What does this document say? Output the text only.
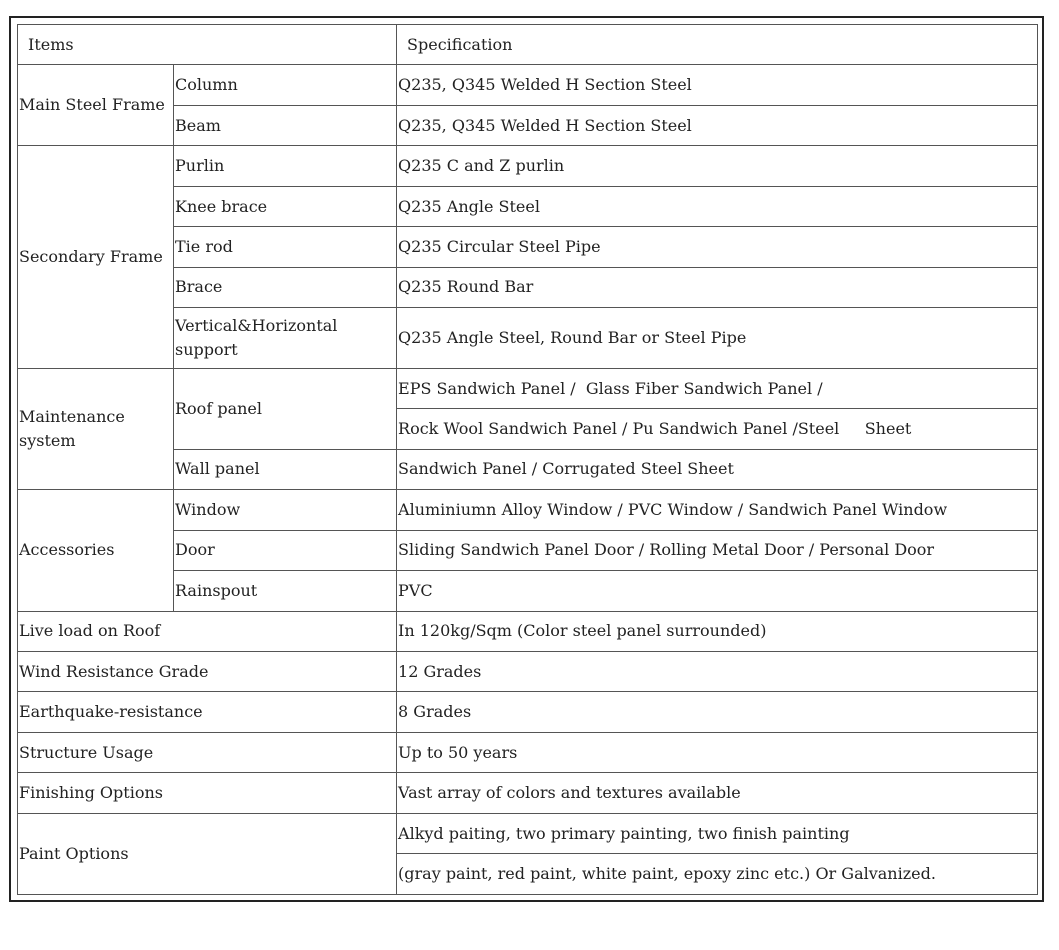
Items		Specification
Main Steel Frame	Column	Q235, Q345 Welded H Section Steel
	Beam	Q235, Q345 Welded H Section Steel
Secondary Frame	Purlin	Q235 C and Z purlin
	Knee brace	Q235 Angle Steel
	Tie rod	Q235 Circular Steel Pipe
	Brace	Q235 Round Bar
	Vertical&Horizontal support	Q235 Angle Steel, Round Bar or Steel Pipe
Maintenance system	Roof panel	EPS Sandwich Panel /  Glass Fiber Sandwich Panel /
		Rock Wool Sandwich Panel / Pu Sandwich Panel /Steel     Sheet
	Wall panel	Sandwich Panel / Corrugated Steel Sheet
Accessories	Window	Aluminiumn Alloy Window / PVC Window / Sandwich Panel Window
	Door	Sliding Sandwich Panel Door / Rolling Metal Door / Personal Door
	Rainspout	PVC
Live load on Roof		In 120kg/Sqm (Color steel panel surrounded)
Wind Resistance Grade		12 Grades
Earthquake-resistance		8 Grades
Structure Usage		Up to 50 years
Finishing Options		Vast array of colors and textures available
Paint Options		Alkyd paiting, two primary painting, two finish painting
		(gray paint, red paint, white paint, epoxy zinc etc.) Or Galvanized.
